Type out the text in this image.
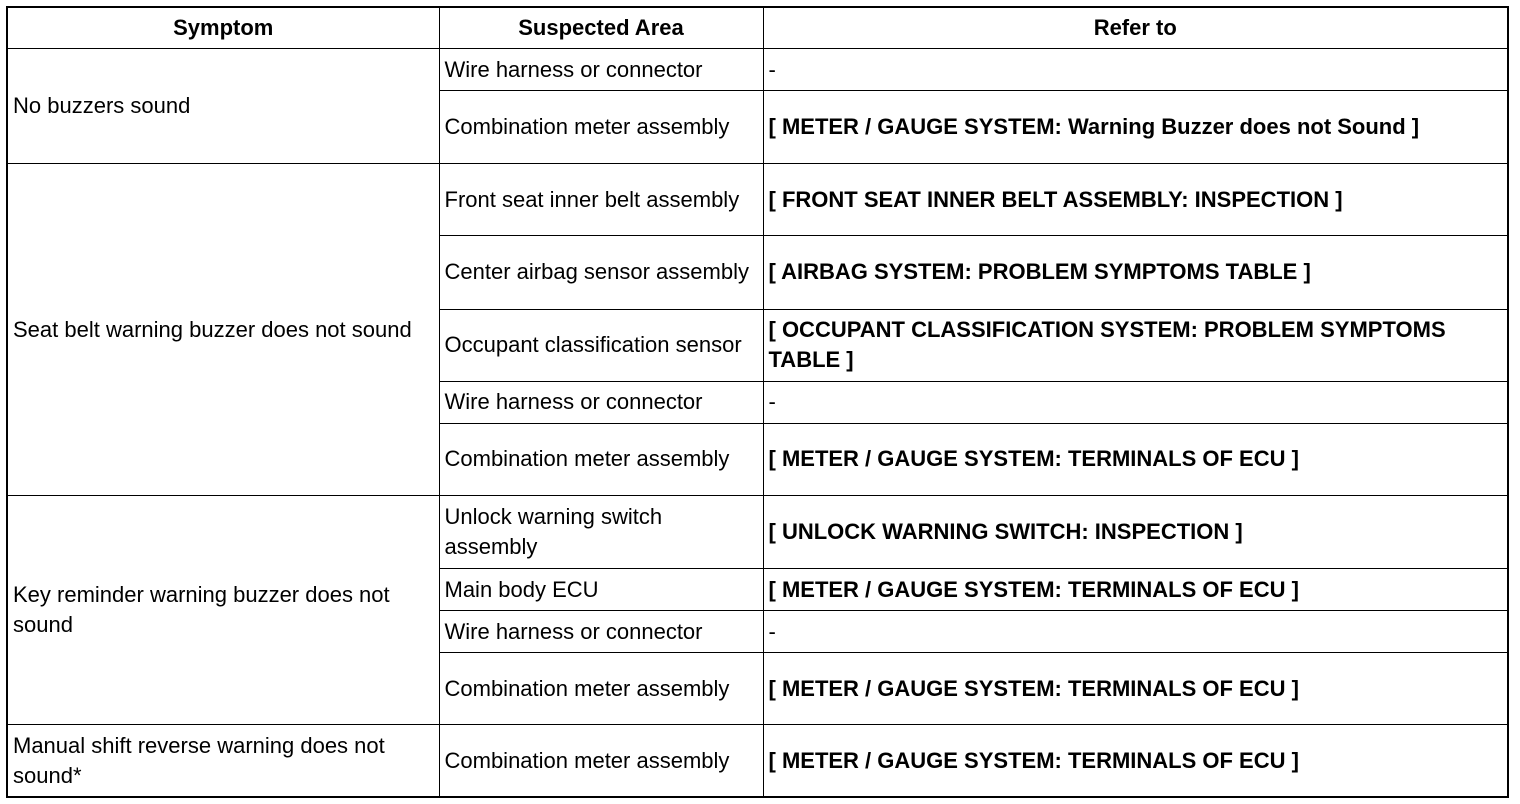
Symptom	Suspected Area	Refer to
No buzzers sound	Wire harness or connector	-
	Combination meter assembly	[ METER / GAUGE SYSTEM: Warning Buzzer does not Sound ]
Seat belt warning buzzer does not sound	Front seat inner belt assembly	[ FRONT SEAT INNER BELT ASSEMBLY: INSPECTION ]
	Center airbag sensor assembly	[ AIRBAG SYSTEM: PROBLEM SYMPTOMS TABLE ]
	Occupant classification sensor	[ OCCUPANT CLASSIFICATION SYSTEM: PROBLEM SYMPTOMS TABLE ]
	Wire harness or connector	-
	Combination meter assembly	[ METER / GAUGE SYSTEM: TERMINALS OF ECU ]
Key reminder warning buzzer does not sound	Unlock warning switch assembly	[ UNLOCK WARNING SWITCH: INSPECTION ]
	Main body ECU	[ METER / GAUGE SYSTEM: TERMINALS OF ECU ]
	Wire harness or connector	-
	Combination meter assembly	[ METER / GAUGE SYSTEM: TERMINALS OF ECU ]
Manual shift reverse warning does not sound*	Combination meter assembly	[ METER / GAUGE SYSTEM: TERMINALS OF ECU ]
